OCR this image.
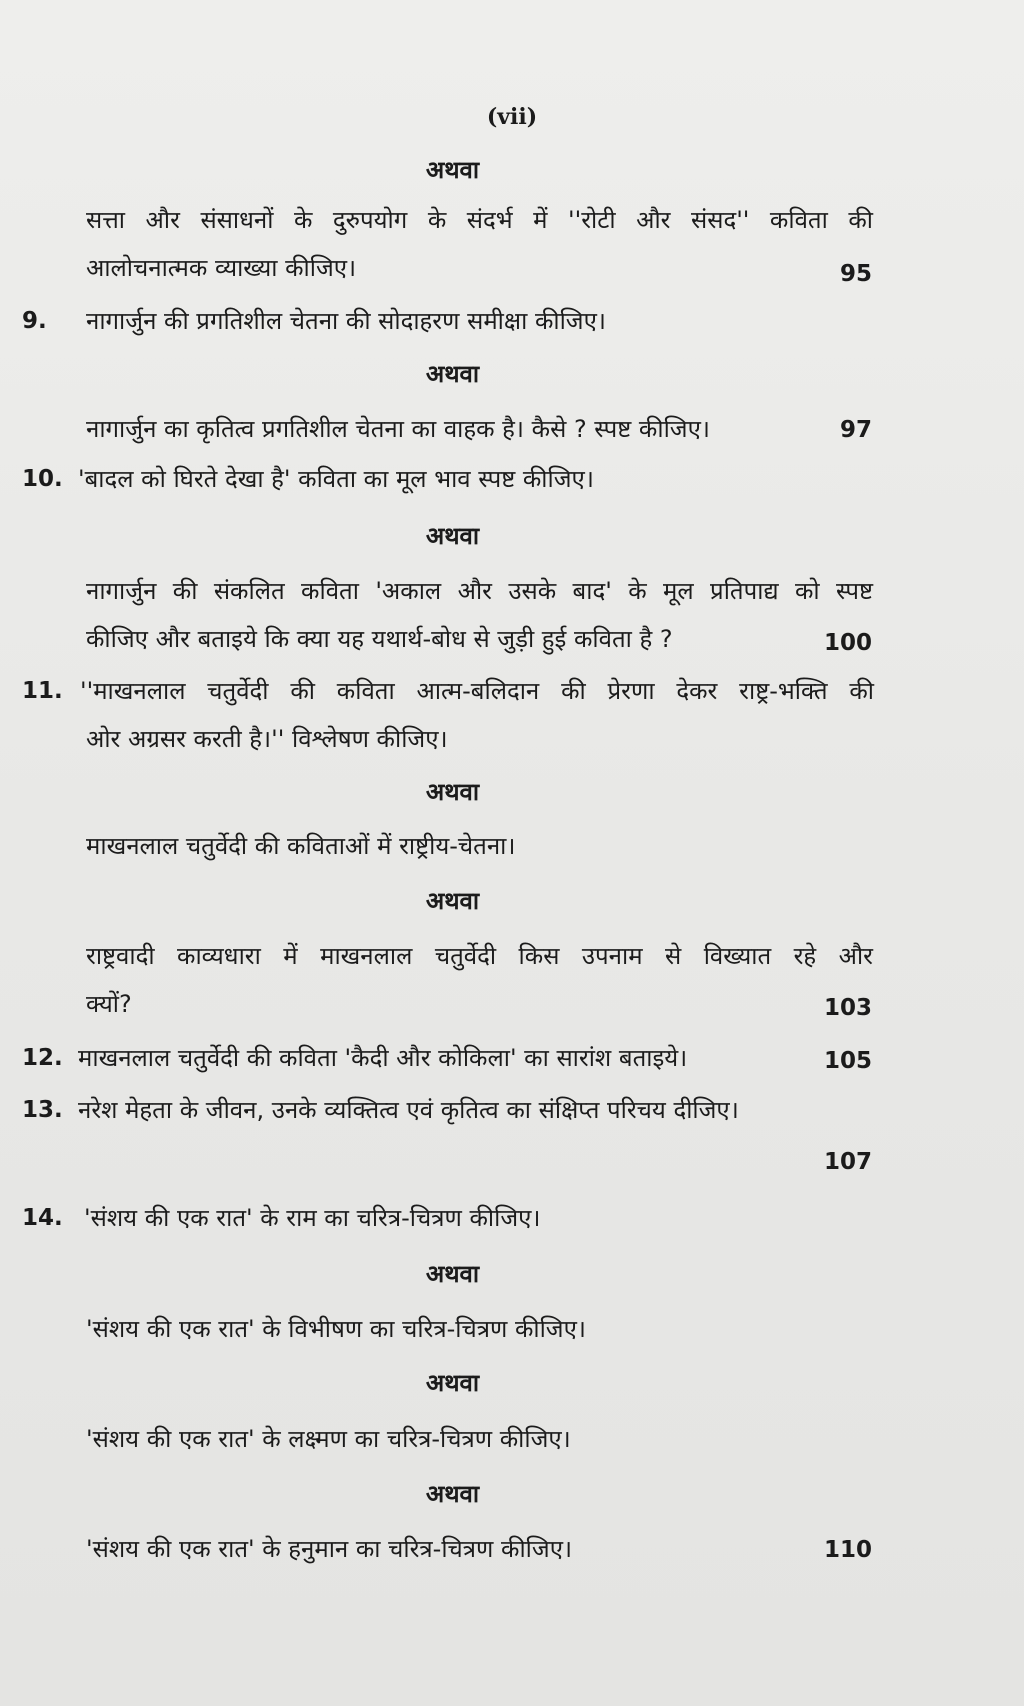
(vii)
अथवा
सत्ता और संसाधनों के दुरुपयोग के संदर्भ में ''रोटी और संसद'' कविता की
आलोचनात्मक व्याख्या कीजिए।	95
9. नागार्जुन की प्रगतिशील चेतना की सोदाहरण समीक्षा कीजिए।
अथवा
नागार्जुन का कृतित्व प्रगतिशील चेतना का वाहक है। कैसे ? स्पष्ट कीजिए।	97
10. 'बादल को घिरते देखा है' कविता का मूल भाव स्पष्ट कीजिए।
अथवा
नागार्जुन की संकलित कविता 'अकाल और उसके बाद' के मूल प्रतिपाद्य को स्पष्ट
कीजिए और बताइये कि क्या यह यथार्थ-बोध से जुड़ी हुई कविता है ?	100
11. ''माखनलाल चतुर्वेदी की कविता आत्म-बलिदान की प्रेरणा देकर राष्ट्र-भक्ति की
ओर अग्रसर करती है।'' विश्लेषण कीजिए।
अथवा
माखनलाल चतुर्वेदी की कविताओं में राष्ट्रीय-चेतना।
अथवा
राष्ट्रवादी काव्यधारा में माखनलाल चतुर्वेदी किस उपनाम से विख्यात रहे और
क्यों?	103
12. माखनलाल चतुर्वेदी की कविता 'कैदी और कोकिला' का सारांश बताइये।	105
13. नरेश मेहता के जीवन, उनके व्यक्तित्व एवं कृतित्व का संक्षिप्त परिचय दीजिए।
107
14. 'संशय की एक रात' के राम का चरित्र-चित्रण कीजिए।
अथवा
'संशय की एक रात' के विभीषण का चरित्र-चित्रण कीजिए।
अथवा
'संशय की एक रात' के लक्ष्मण का चरित्र-चित्रण कीजिए।
अथवा
'संशय की एक रात' के हनुमान का चरित्र-चित्रण कीजिए।	110
